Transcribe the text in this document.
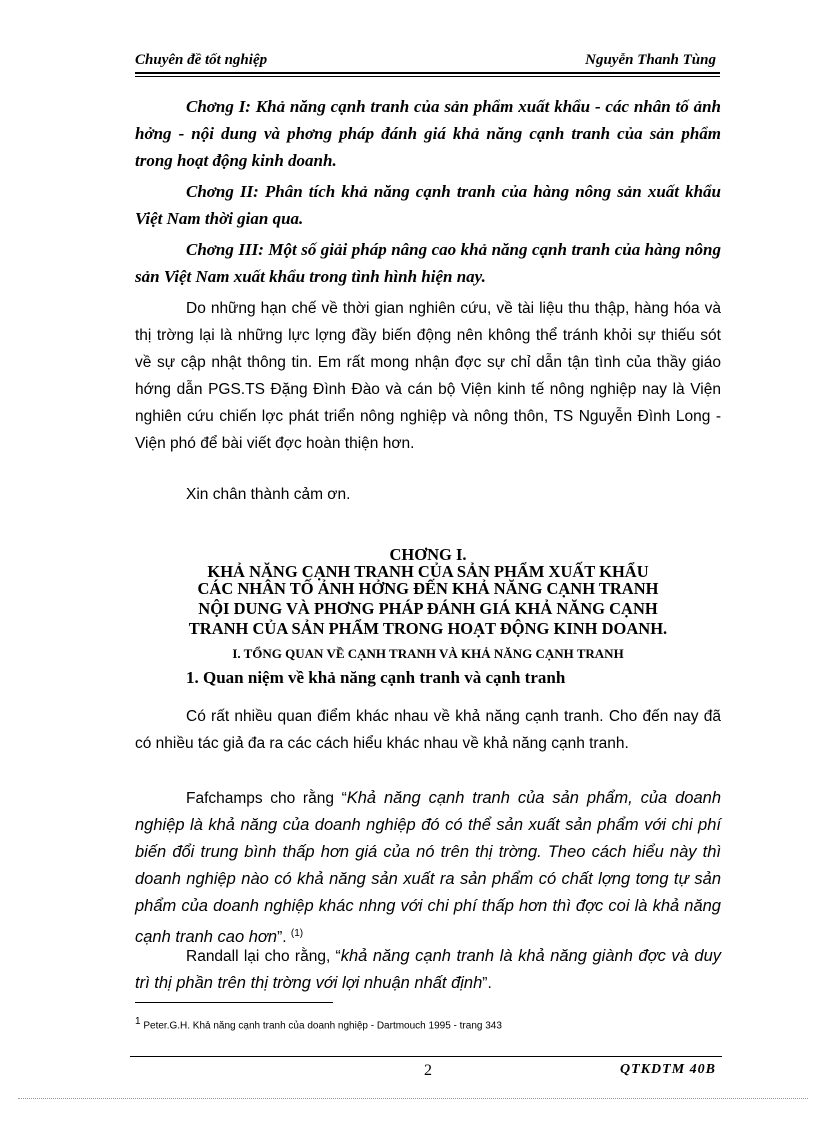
Chuyên đề tốt nghiệp	Nguyễn Thanh Tùng

Chơng I: Khả năng cạnh tranh của sản phẩm xuất khẩu - các nhân tố ảnh hởng - nội dung và phơng pháp đánh giá khả năng cạnh tranh của sản phẩm trong hoạt động kinh doanh.

Chơng II: Phân tích khả năng cạnh tranh của hàng nông sản xuất khẩu Việt Nam thời gian qua.

Chơng III: Một số giải pháp nâng cao khả năng cạnh tranh của hàng nông sản Việt Nam xuất khẩu trong tình hình hiện nay.

Do những hạn chế về thời gian nghiên cứu, về tài liệu thu thập, hàng hóa và thị trờng lại là những lực lợng đầy biến động nên không thể tránh khỏi sự thiếu sót về sự cập nhật thông tin. Em rất mong nhận đợc sự chỉ dẫn tận tình của thầy giáo hớng dẫn PGS.TS Đặng Đình Đào và cán bộ Viện kinh tế nông nghiệp nay là Viện nghiên cứu chiến lợc phát triển nông nghiệp và nông thôn, TS Nguyễn Đình Long - Viện phó để bài viết đợc hoàn thiện hơn.

Xin chân thành cảm ơn.

CHƠNG I.

KHẢ NĂNG CẠNH TRANH CỦA SẢN PHẨM XUẤT KHẨU

CÁC NHÂN TỐ ẢNH HỞNG ĐẾN KHẢ NĂNG CẠNH TRANH

NỘI DUNG VÀ PHƠNG PHÁP ĐÁNH GIÁ KHẢ NĂNG CẠNH

TRANH CỦA SẢN PHẨM TRONG HOẠT ĐỘNG KINH DOANH.

I. TỔNG QUAN VỀ CẠNH TRANH VÀ KHẢ NĂNG CẠNH TRANH

1. Quan niệm về khả năng cạnh tranh và cạnh tranh

Có rất nhiều quan điểm khác nhau về khả năng cạnh tranh. Cho đến nay đã có nhiều tác giả đa ra các cách hiểu khác nhau về khả năng cạnh tranh.

Fafchamps cho rằng “Khả năng cạnh tranh của sản phẩm, của doanh nghiệp là khả năng của doanh nghiệp đó có thể sản xuất sản phẩm với chi phí biến đổi trung bình thấp hơn giá của nó trên thị trờng. Theo cách hiểu này thì doanh nghiệp nào có khả năng sản xuất ra sản phẩm có chất lợng tơng tự sản phẩm của doanh nghiệp khác nhng với chi phí thấp hơn thì đợc coi là khả năng cạnh tranh cao hơn”. $^{(1)}$

Randall lại cho rằng, “khả năng cạnh tranh là khả năng giành đợc và duy trì thị phần trên thị trờng với lợi nhuận nhất định”.

$^1$ Peter.G.H. Khả năng cạnh tranh của doanh nghiệp - Dartmouch 1995 - trang 343
2	QTKDTM 40B
